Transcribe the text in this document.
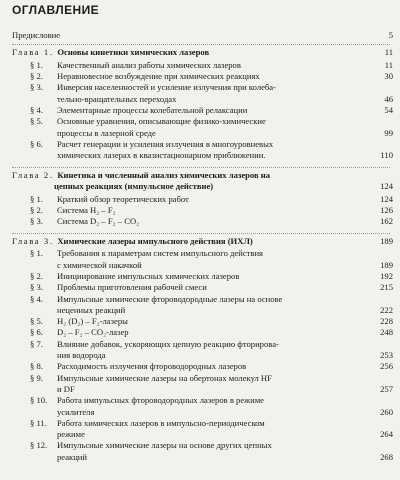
ОГЛАВЛЕНИЕ
Предисловие	5
Глава 1. Основы кинетики химических лазеров	11
§ 1. Качественный анализ работы химических лазеров	11
§ 2. Неравновесное возбуждение при химических реакциях	30
§ 3. Инверсия населенностей и усиление излучения при колеба-
тельно-вращательных переходах	46
§ 4. Элементарные процессы колебательной релаксации	54
§ 5. Основные уравнения, описывающие физико-химические
процессы в лазерной среде	99
§ 6. Расчет генерации и усиления излучения в многоуровневых
химических лазерах в квазистационарном приближении.	110
Глава 2. Кинетика и численный анализ химических лазеров на
цепных реакциях (импульсное действие)	124
§ 1. Краткий обзор теоретических работ	124
§ 2. Система H₂ – F₂	126
§ 3. Система D₂ – F₂ – CO₂	162
Глава 3. Химические лазеры импульсного действия (ИХЛ)	189
§ 1. Требования к параметрам систем импульсного действия
с химической накачкой	189
§ 2. Инициирование импульсных химических лазеров	192
§ 3. Проблемы приготовления рабочей смеси	215
§ 4. Импульсные химические фтороводородные лазеры на основе
неценных реакций	222
§ 5. H₂ (D₂) – F₂-лазеры	228
§ 6. D₂ – F₂ – CO₂-лазер	248
§ 7. Влияние добавок, ускоряющих цепную реакцию фторирова-
ния водорода	253
§ 8. Расходимость излучения фтороводородных лазеров	256
§ 9. Импульсные химические лазеры на обертонах молекул HF
и DF	257
§ 10. Работа импульсных фтороводородных лазеров в режиме
усилителя	260
§ 11. Работа химических лазеров в импульсно-периодическом
режиме	264
§ 12. Импульсные химические лазеры на основе других цепных
реакций	268
